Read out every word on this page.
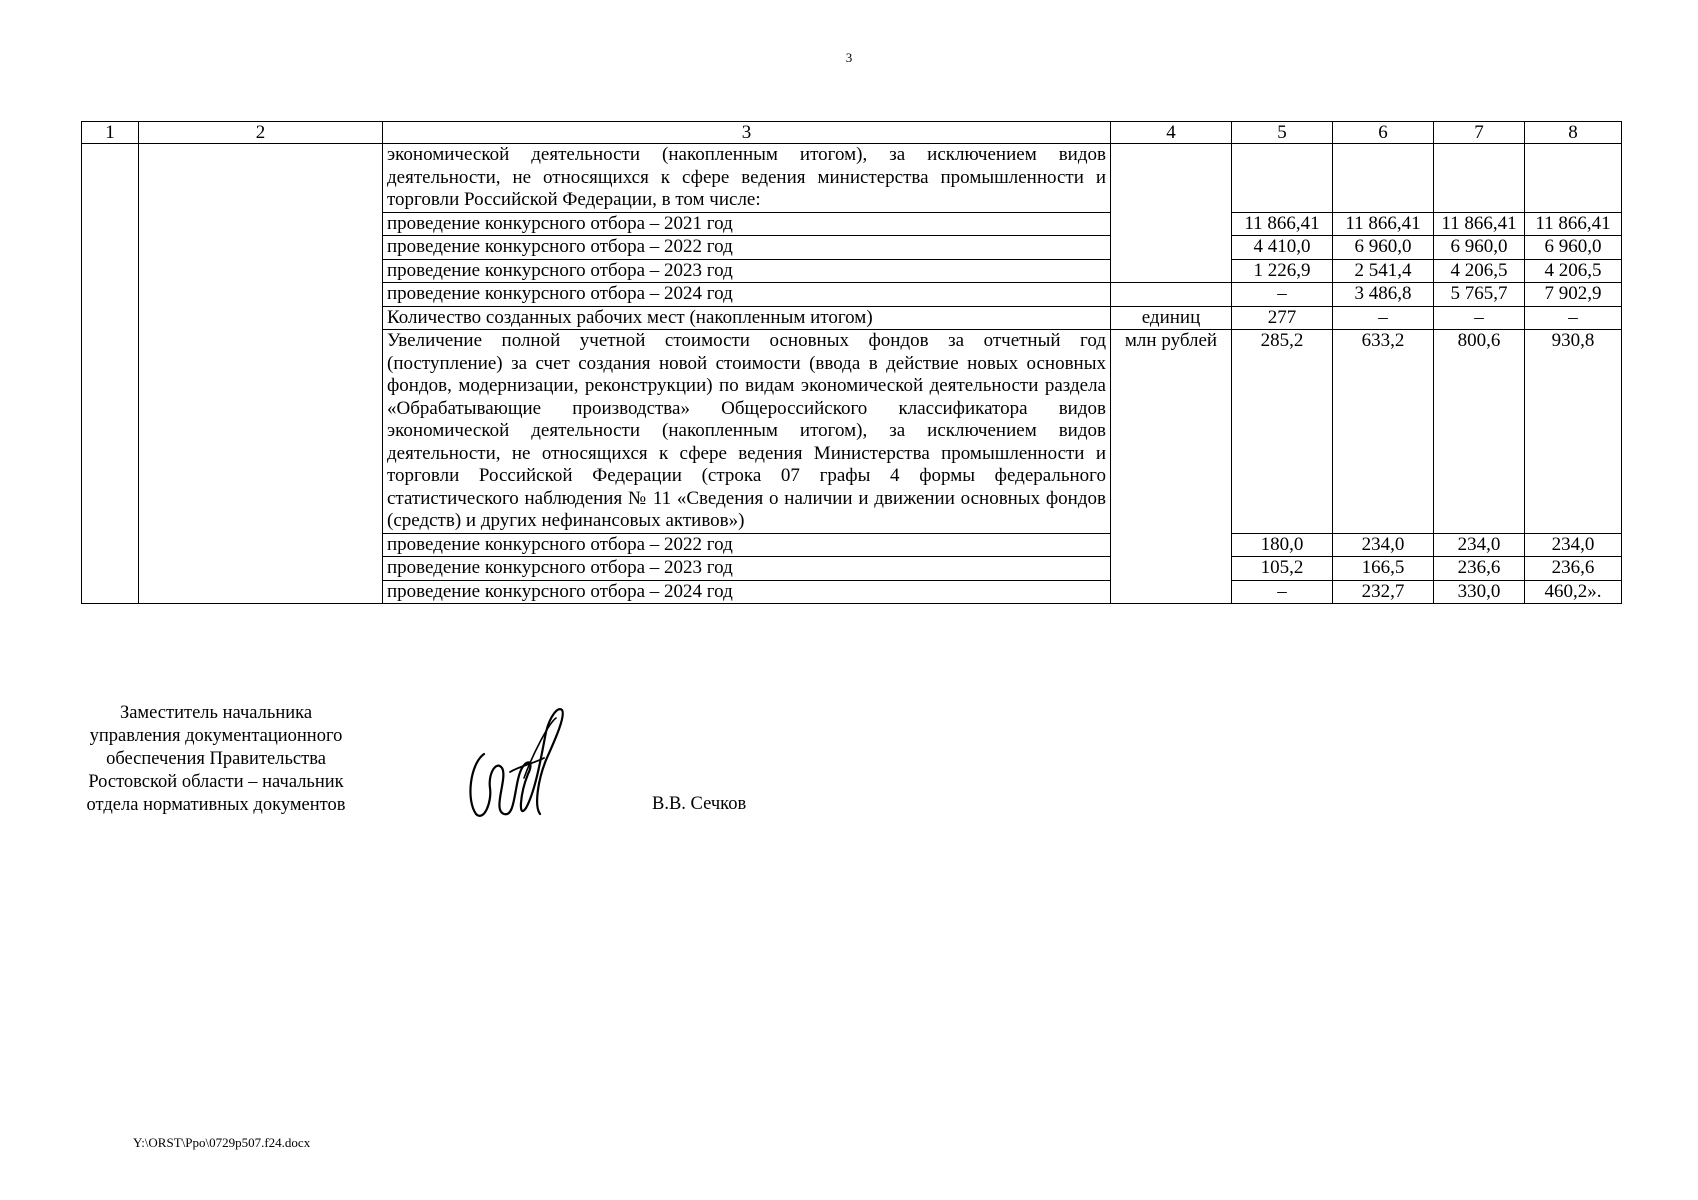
3
1	2	3	4	5	6	7	8
		экономической деятельности (накопленным итогом), за исключением видов деятельности, не относящихся к сфере ведения министерства промышленности и торговли Российской Федерации, в том числе:					
		проведение конкурсного отбора – 2021 год		11 866,41	11 866,41	11 866,41	11 866,41
		проведение конкурсного отбора – 2022 год		4 410,0	6 960,0	6 960,0	6 960,0
		проведение конкурсного отбора – 2023 год		1 226,9	2 541,4	4 206,5	4 206,5
		проведение конкурсного отбора – 2024 год		–	3 486,8	5 765,7	7 902,9
		Количество созданных рабочих мест (накопленным итогом)	единиц	277	–	–	–
		Увеличение полной учетной стоимости основных фондов за отчетный год (поступление) за счет создания новой стоимости (ввода в действие новых основных фондов, модернизации, реконструкции) по видам экономической деятельности раздела «Обрабатывающие производства» Общероссийского классификатора видов экономической деятельности (накопленным итогом), за исключением видов деятельности, не относящихся к сфере ведения Министерства промышленности и торговли Российской Федерации (строка 07 графы 4 формы федерального статистического наблюдения № 11 «Сведения о наличии и движении основных фондов (средств) и других нефинансовых активов»)	млн рублей	285,2	633,2	800,6	930,8
		проведение конкурсного отбора – 2022 год		180,0	234,0	234,0	234,0
		проведение конкурсного отбора – 2023 год		105,2	166,5	236,6	236,6
		проведение конкурсного отбора – 2024 год		–	232,7	330,0	460,2».
Заместитель начальника
управления документационного
обеспечения Правительства
Ростовской области – начальник
отдела нормативных документов	В.В. Сечков
Y:\ORST\Ppo\0729p507.f24.docx
